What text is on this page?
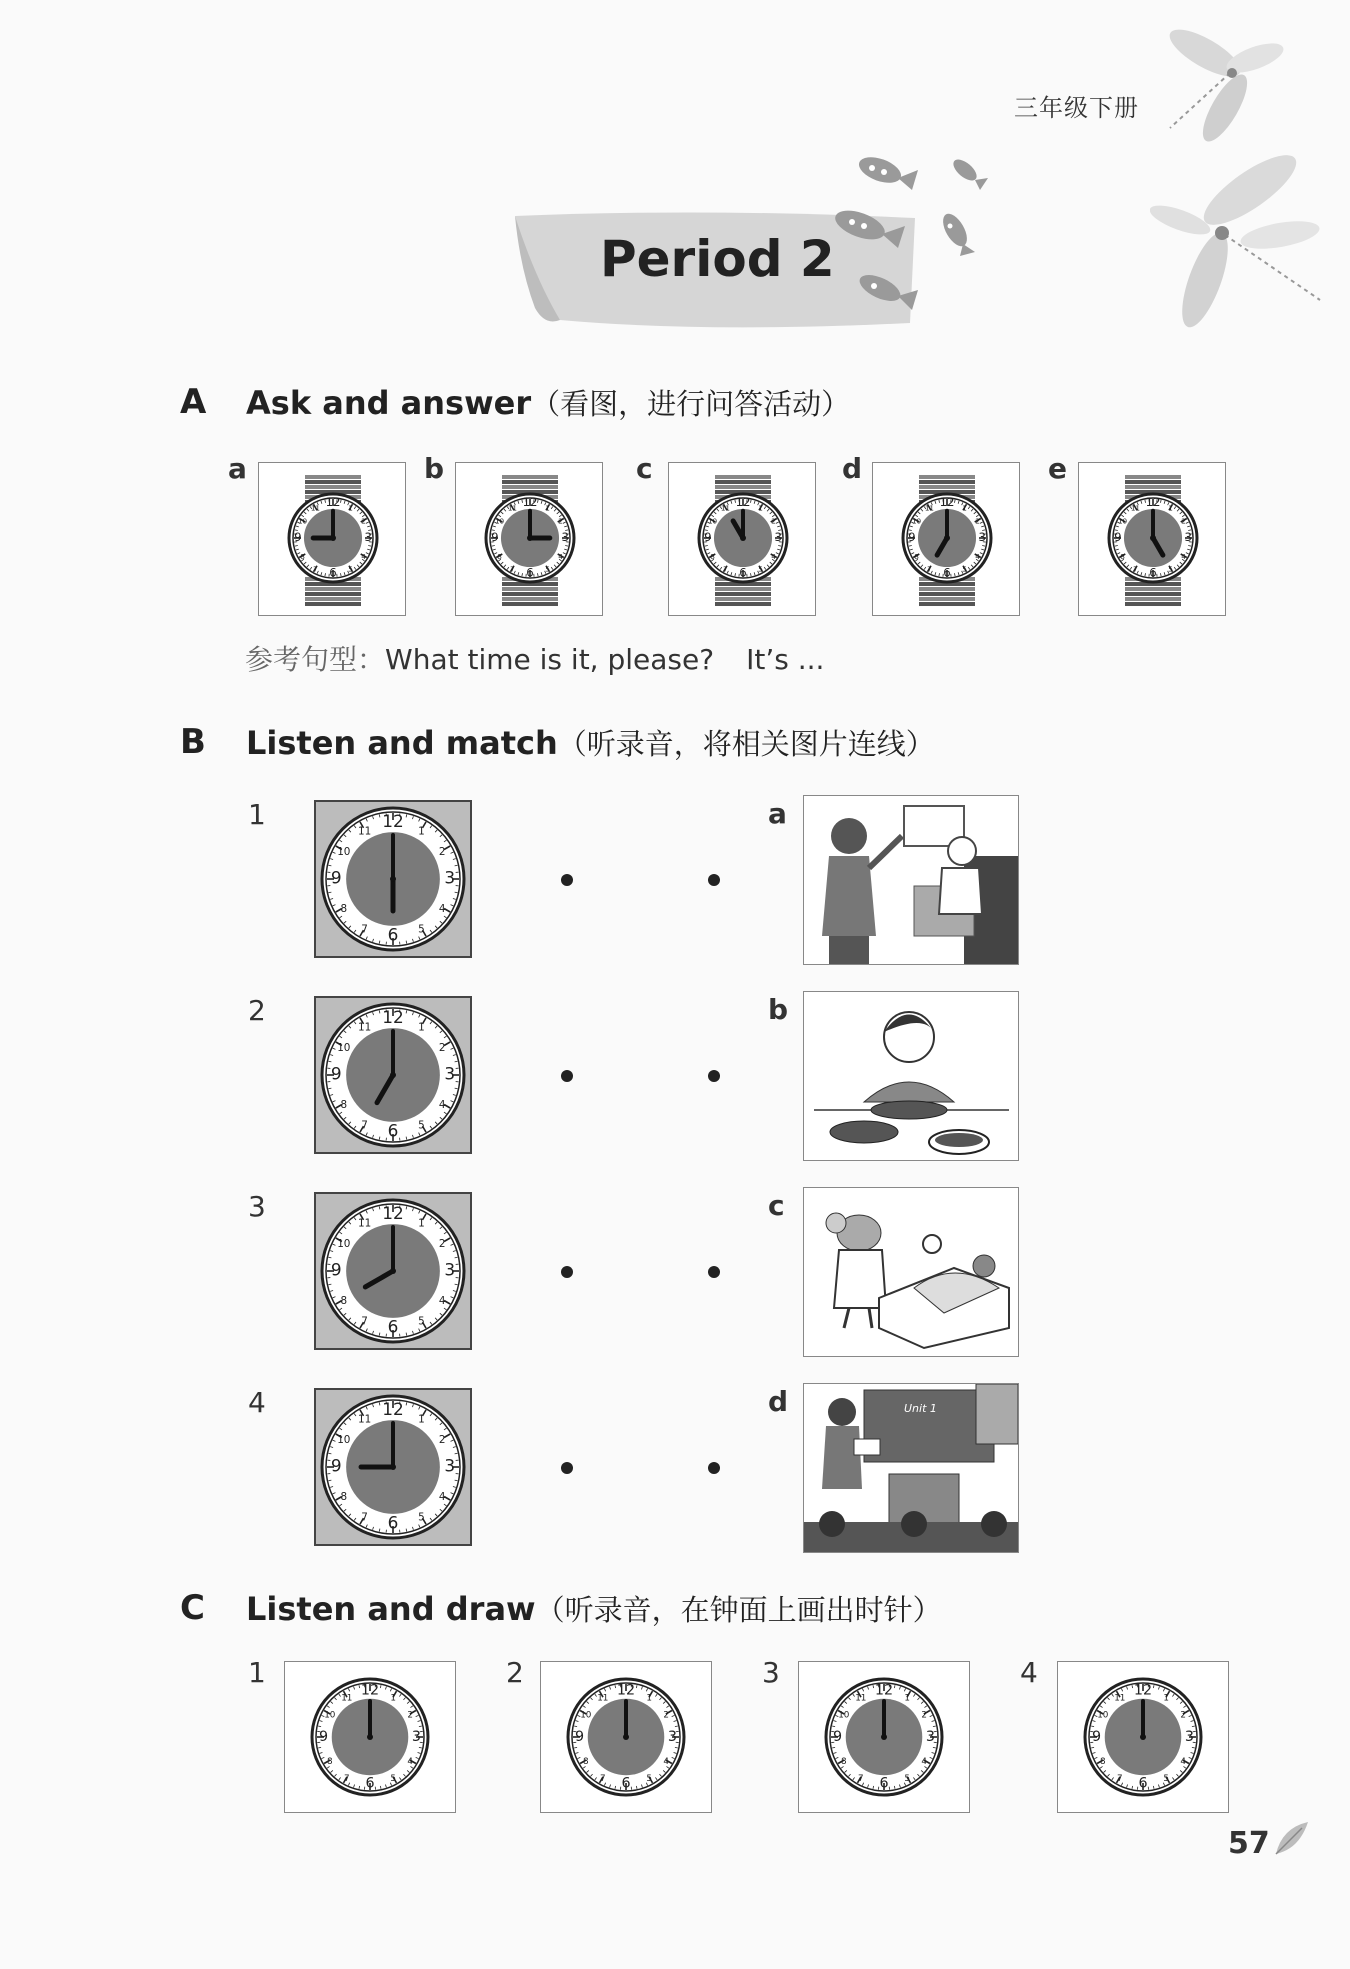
三年级下册
Period 2
A Ask and answer（看图，进行问答活动）
参考句型：What time is it, please? It’s ...
B Listen and match（听录音，将相关图片连线）
C Listen and draw（听录音，在钟面上画出时针）
57
a
1
2
3
4
5
6
7
8
9
10
11 12
b
1
2
3
4
5
6
7
8
9
10
11 12
c
1
2
3
4
5
6
7
8
9
10
11 12
d
1
2
3
4
5
6
7
8
9
10
11 12
e
1
2
3
4
5
6
7
8
9
10
11 12
1
1
2
3
4
5
6
7
8
9
10
11
12
2
1
2
3
4
5
6
7
8
9
10
11
12
3
1
2
3
4
5
6
7
8
9
10
11
12
4
1
2
3
4
5
6
7
8
9
10
11
12
a
b
c
d	Unit 1
1
1
2
3
4
5
6
7
8
9
10
11
12
2
1
2
3
4
5
6
7
8
9
10
11
12
3
1
2
3
4
5
6
7
8
9
10
11
12
4
1
2
3
4
5
6
7
8
9
10
11
12
